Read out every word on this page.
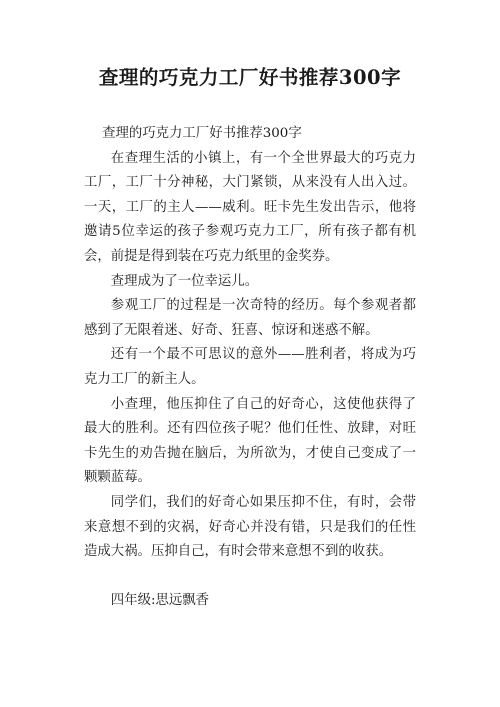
查理的巧克力工厂好书推荐300字

查理的巧克力工厂好书推荐300字

在查理生活的小镇上，有一个全世界最大的巧克力工厂，工厂十分神秘，大门紧锁，从来没有人出入过。一天，工厂的主人——威利。旺卡先生发出告示，他将邀请5位幸运的孩子参观巧克力工厂，所有孩子都有机会，前提是得到装在巧克力纸里的金奖券。

查理成为了一位幸运儿。

参观工厂的过程是一次奇特的经历。每个参观者都感到了无限着迷、好奇、狂喜、惊讶和迷惑不解。

还有一个最不可思议的意外——胜利者，将成为巧克力工厂的新主人。

小查理，他压抑住了自己的好奇心，这使他获得了最大的胜利。还有四位孩子呢？他们任性、放肆，对旺卡先生的劝告抛在脑后，为所欲为，才使自己变成了一颗颗蓝莓。

同学们，我们的好奇心如果压抑不住，有时，会带来意想不到的灾祸，好奇心并没有错，只是我们的任性造成大祸。压抑自己，有时会带来意想不到的收获。

四年级:思远飘香
